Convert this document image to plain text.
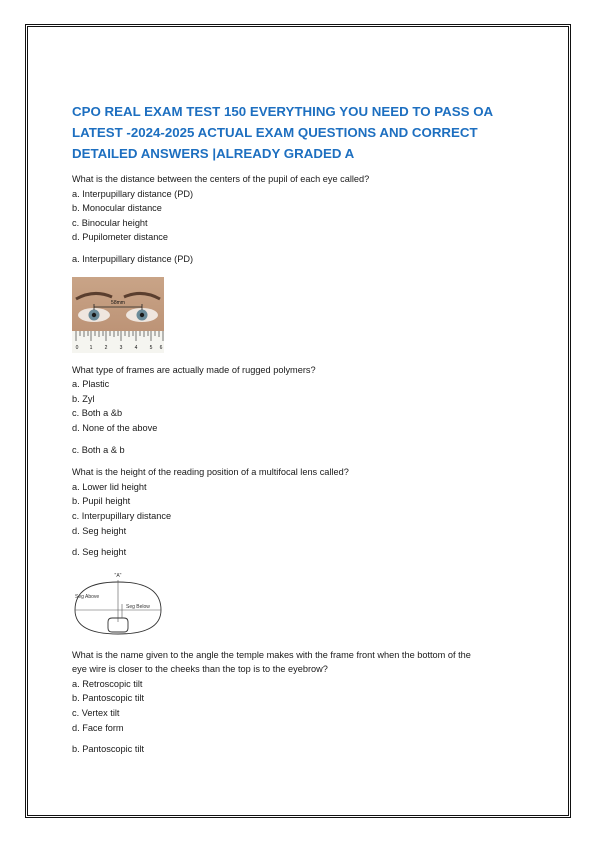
CPO REAL EXAM TEST 150 EVERYTHING YOU NEED TO PASS OA
LATEST -2024-2025 ACTUAL EXAM QUESTIONS AND CORRECT
DETAILED ANSWERS |ALREADY GRADED A

What is the distance between the centers of the pupil of each eye called?

a. Interpupillary distance (PD)

b. Monocular distance

c. Binocular height

d. Pupilometer distance

a. Interpupillary distance (PD)

58mm
0 1 2 3 4 5 6

What type of frames are actually made of rugged polymers?

a. Plastic

b. Zyl

c. Both a &b

d. None of the above

c. Both a & b

What is the height of the reading position of a multifocal lens called?

a. Lower lid height

b. Pupil height

c. Interpupillary distance

d. Seg height

d. Seg height

"A"
Seg Above
Seg Below

What is the name given to the angle the temple makes with the frame front when the bottom of the

eye wire is closer to the cheeks than the top is to the eyebrow?

a. Retroscopic tilt

b. Pantoscopic tilt

c. Vertex tilt

d. Face form

b. Pantoscopic tilt
